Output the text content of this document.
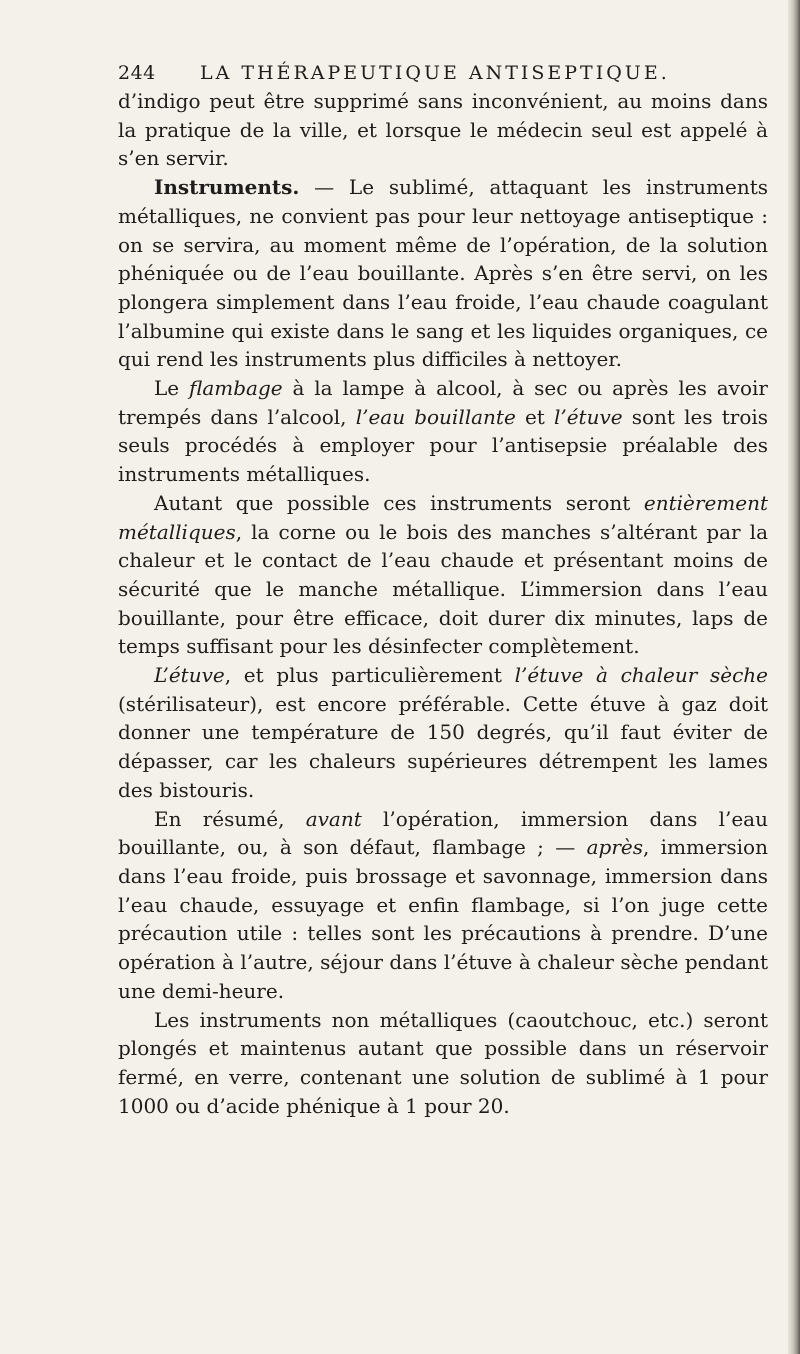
244 LA THÉRAPEUTIQUE ANTISEPTIQUE.

d’indigo peut être supprimé sans inconvénient, au moins dans la pratique de la ville, et lorsque le médecin seul est appelé à s’en servir.

Instruments. — Le sublimé, attaquant les instruments métalliques, ne convient pas pour leur nettoyage antiseptique : on se servira, au moment même de l’opération, de la solution phéniquée ou de l’eau bouillante. Après s’en être servi, on les plongera simplement dans l’eau froide, l’eau chaude coagulant l’albumine qui existe dans le sang et les liquides organiques, ce qui rend les instruments plus difficiles à nettoyer.

Le flambage à la lampe à alcool, à sec ou après les avoir trempés dans l’alcool, l’eau bouillante et l’étuve sont les trois seuls procédés à employer pour l’antisepsie préalable des instruments métalliques.

Autant que possible ces instruments seront entièrement métalliques, la corne ou le bois des manches s’altérant par la chaleur et le contact de l’eau chaude et présentant moins de sécurité que le manche métallique. L’immersion dans l’eau bouillante, pour être efficace, doit durer dix minutes, laps de temps suffisant pour les désinfecter complètement.

L’étuve, et plus particulièrement l’étuve à chaleur sèche (stérilisateur), est encore préférable. Cette étuve à gaz doit donner une température de 150 degrés, qu’il faut éviter de dépasser, car les chaleurs supérieures détrempent les lames des bistouris.

En résumé, avant l’opération, immersion dans l’eau bouillante, ou, à son défaut, flambage ; — après, immersion dans l’eau froide, puis brossage et savonnage, immersion dans l’eau chaude, essuyage et enfin flambage, si l’on juge cette précaution utile : telles sont les précautions à prendre. D’une opération à l’autre, séjour dans l’étuve à chaleur sèche pendant une demi-heure.

Les instruments non métalliques (caoutchouc, etc.) seront plongés et maintenus autant que possible dans un réservoir fermé, en verre, contenant une solution de sublimé à 1 pour 1000 ou d’acide phénique à 1 pour 20.
